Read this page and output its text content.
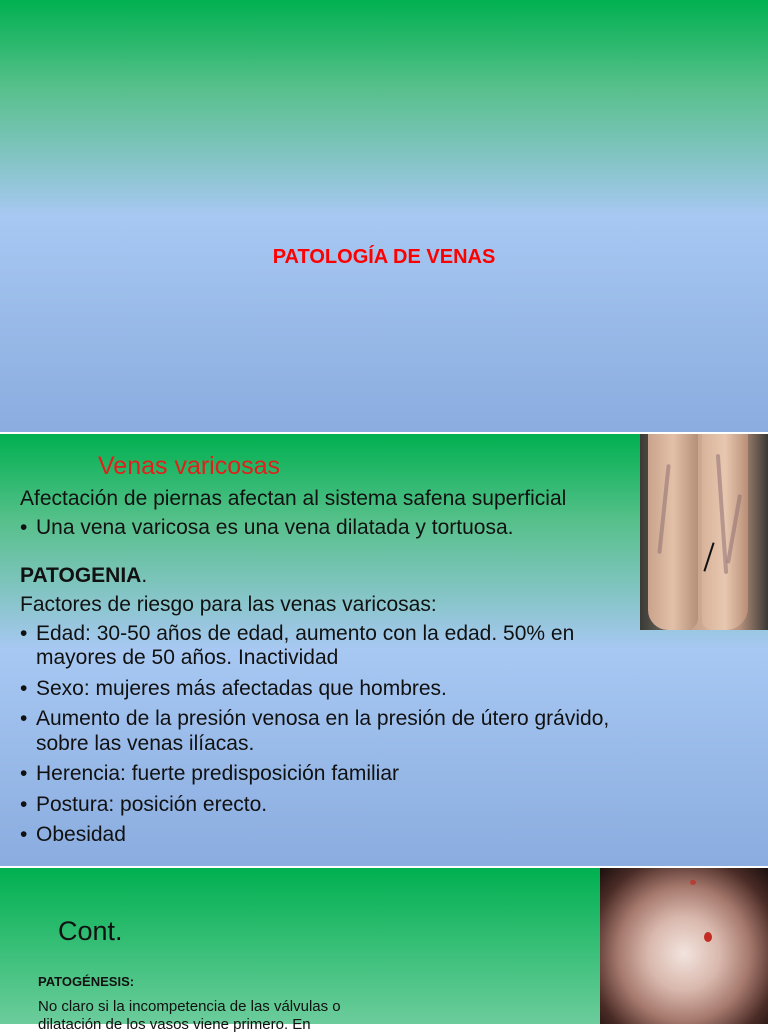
PATOLOGÍA DE VENAS
Venas varicosas
Afectación de piernas afectan al sistema safena superficial
• Una vena varicosa es una vena dilatada y tortuosa.
PATOGENIA.
Factores de riesgo para las venas varicosas:
• Edad: 30-50 años de edad, aumento con la edad. 50% en mayores de 50 años. Inactividad
• Sexo: mujeres más afectadas que hombres.
• Aumento de la presión venosa en la presión de útero grávido, sobre las venas ilíacas.
• Herencia: fuerte predisposición familiar
• Postura: posición erecto.
• Obesidad
Cont.
PATOGÉNESIS:
No claro si la incompetencia de las válvulas o dilatación de los vasos viene primero. En
